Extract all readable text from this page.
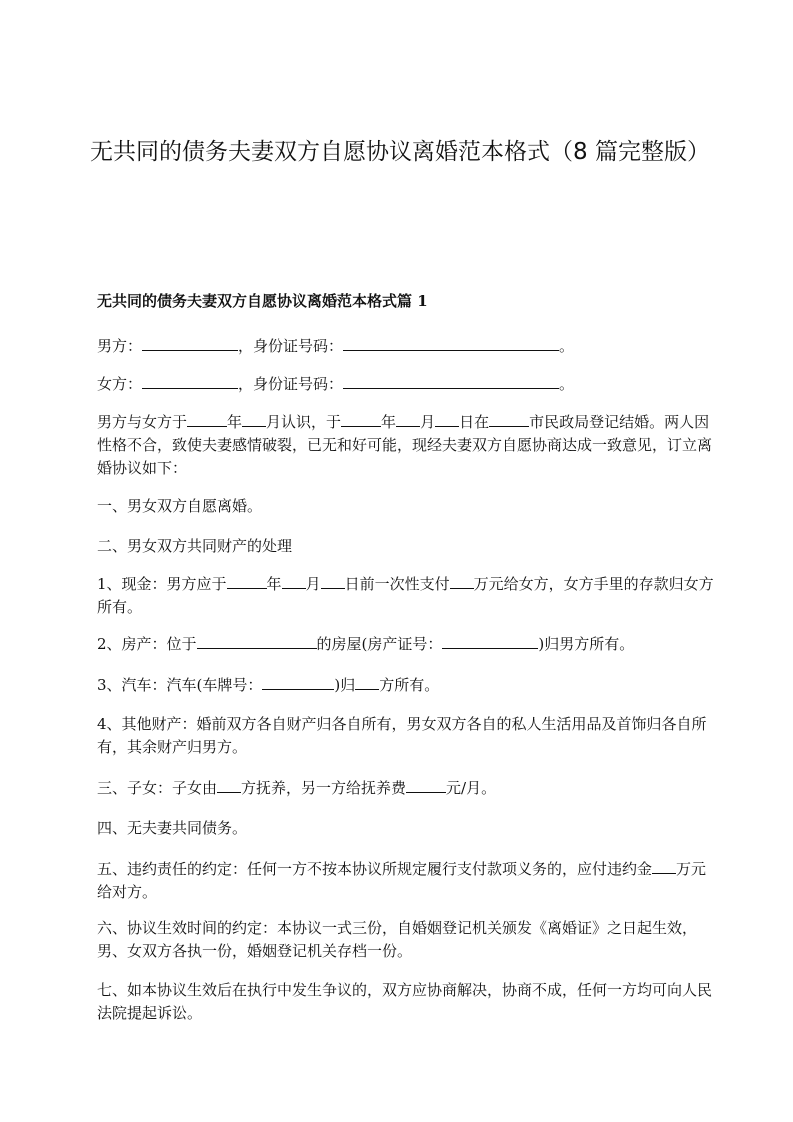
无共同的债务夫妻双方自愿协议离婚范本格式（8 篇完整版）
无共同的债务夫妻双方自愿协议离婚范本格式篇 1

男方：	，身份证号码：	。

女方：	，身份证号码：	。

男方与女方于	年 月认识，于	年 月 日在	市民政局登记结婚。两人因性格不合，致使夫妻感情破裂，已无和好可能，现经夫妻双方自愿协商达成一致意见，订立离婚协议如下：

一、男女双方自愿离婚。

二、男女双方共同财产的处理

1、现金：男方应于	年 月 日前一次性支付 万元给女方，女方手里的存款归女方所有。

2、房产：位于	的房屋(房产证号：	)归男方所有。

3、汽车：汽车(车牌号：	)归 方所有。

4、其他财产：婚前双方各自财产归各自所有，男女双方各自的私人生活用品及首饰归各自所有，其余财产归男方。

三、子女：子女由 方抚养，另一方给抚养费	元/月。

四、无夫妻共同债务。

五、违约责任的约定：任何一方不按本协议所规定履行支付款项义务的，应付违约金 万元给对方。

六、协议生效时间的约定：本协议一式三份，自婚姻登记机关颁发《离婚证》之日起生效，男、女双方各执一份，婚姻登记机关存档一份。

七、如本协议生效后在执行中发生争议的，双方应协商解决，协商不成，任何一方均可向人民法院提起诉讼。
